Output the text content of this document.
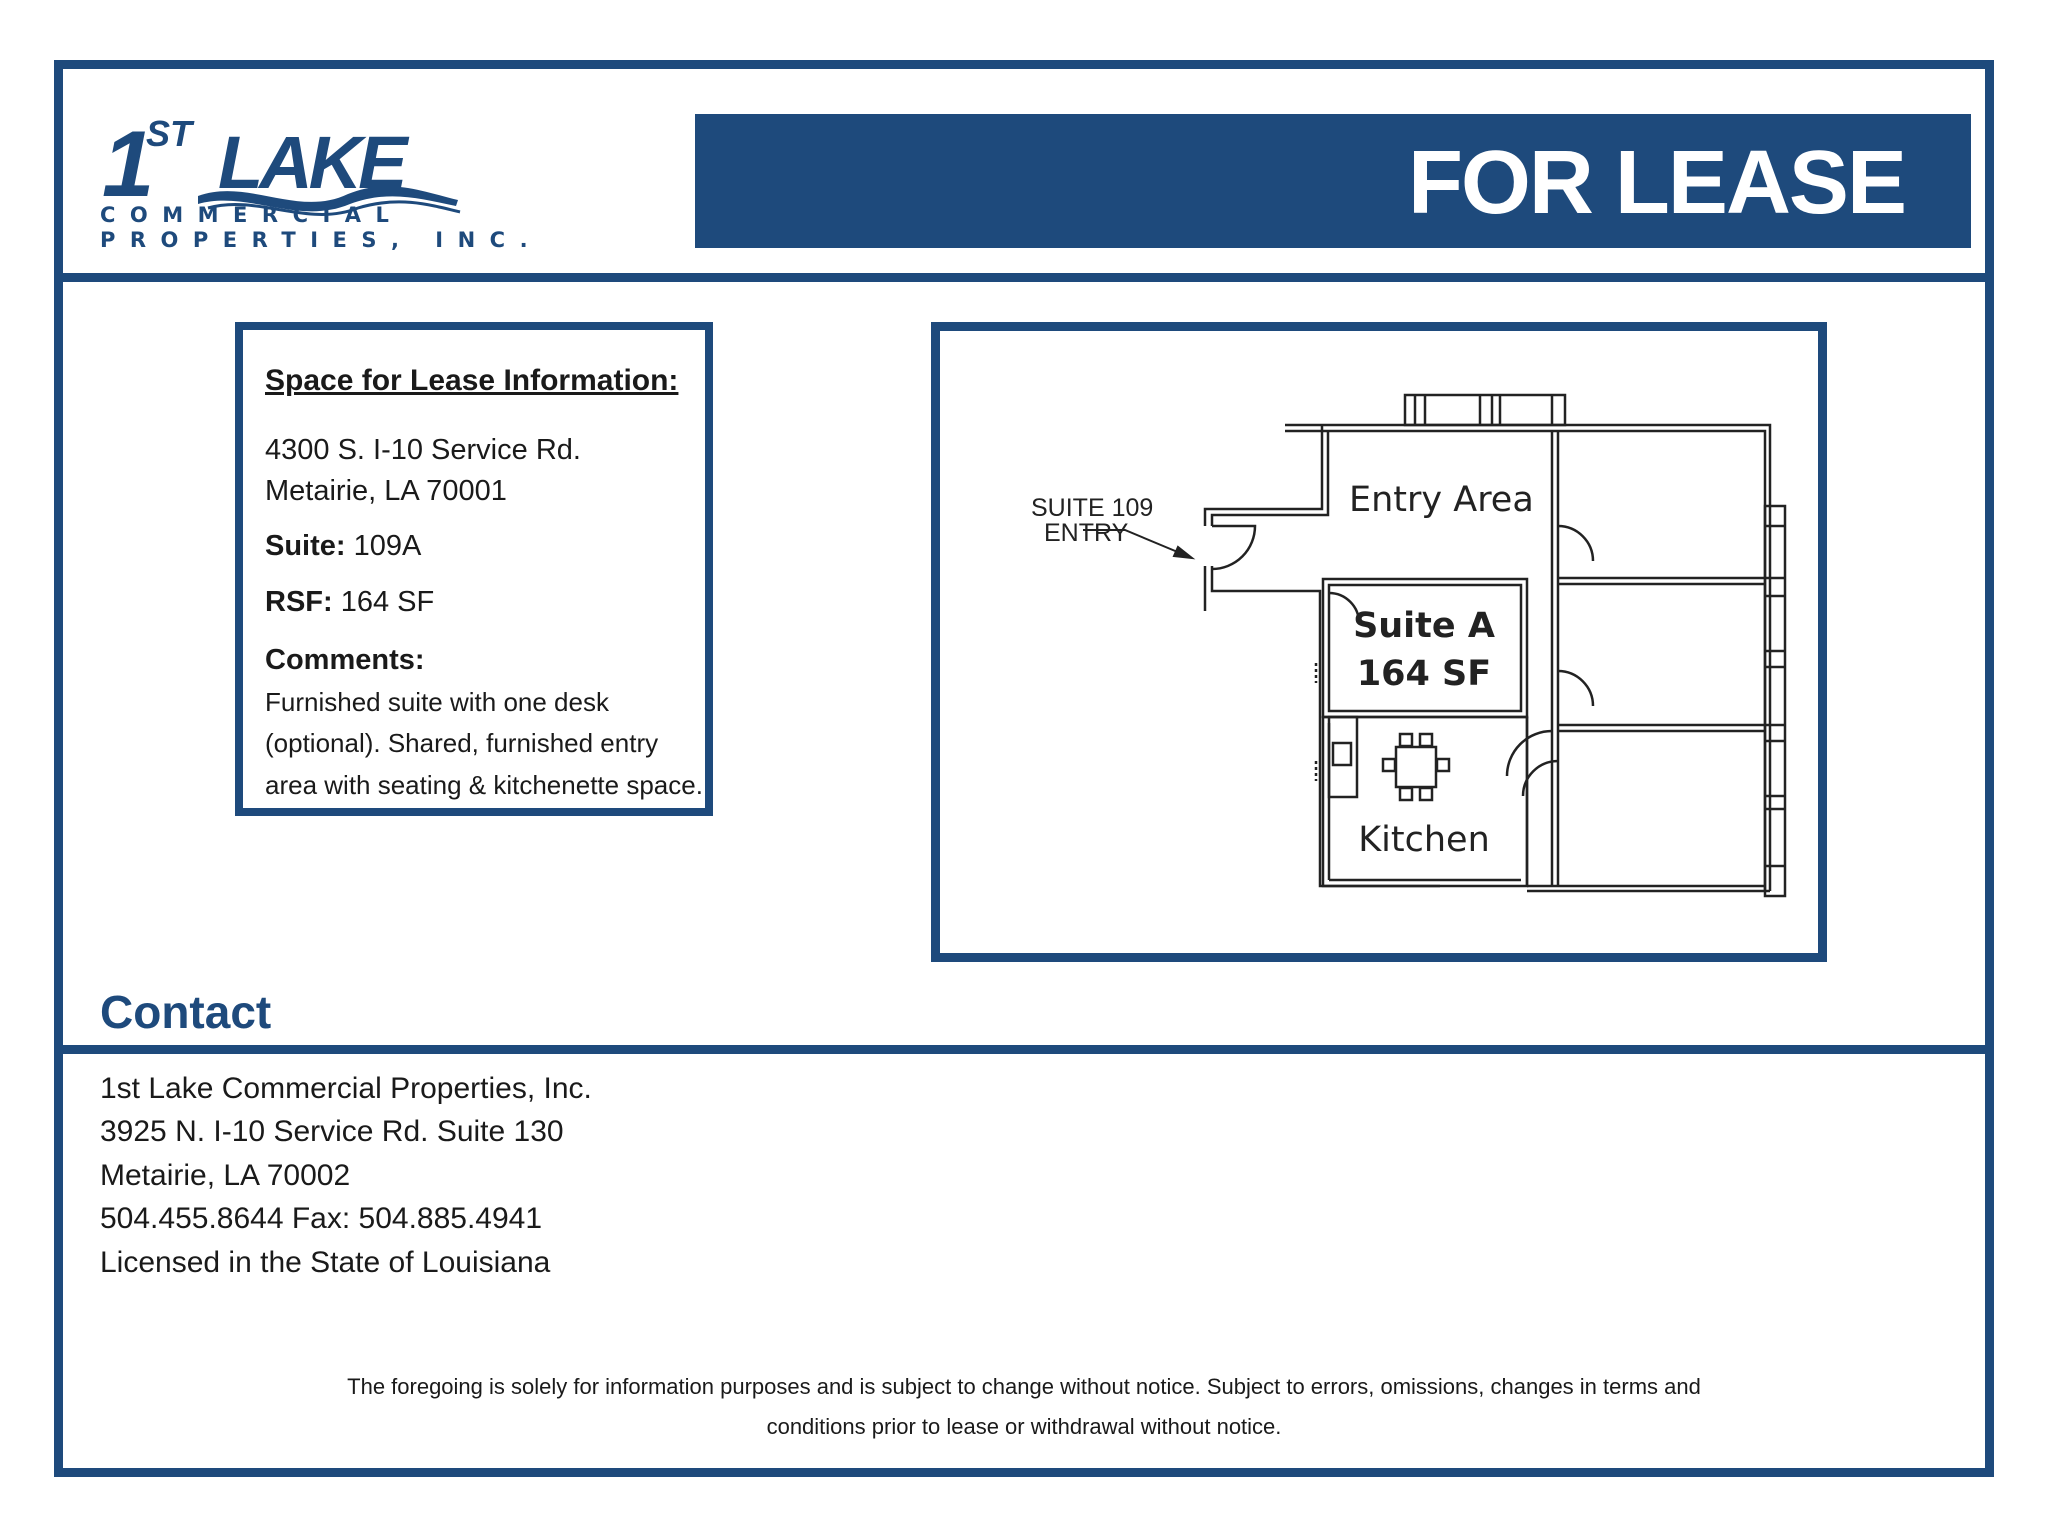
1
ST LAKE
COMMERCIAL
PROPERTIES, INC.
FOR LEASE
Space for Lease Information:
4300 S. I-10 Service Rd.
Metairie, LA 70001
Suite: 109A
RSF: 164 SF
Comments:
Furnished suite with one desk
(optional). Shared, furnished entry
area with seating & kitchenette space.
SUITE 109
ENTRY
Entry Area
Suite A
164 SF
Kitchen
Contact
1st Lake Commercial Properties, Inc.
3925 N. I-10 Service Rd. Suite 130
Metairie, LA 70002
504.455.8644 Fax: 504.885.4941
Licensed in the State of Louisiana
The foregoing is solely for information purposes and is subject to change without notice. Subject to errors, omissions, changes in terms and
conditions prior to lease or withdrawal without notice.
